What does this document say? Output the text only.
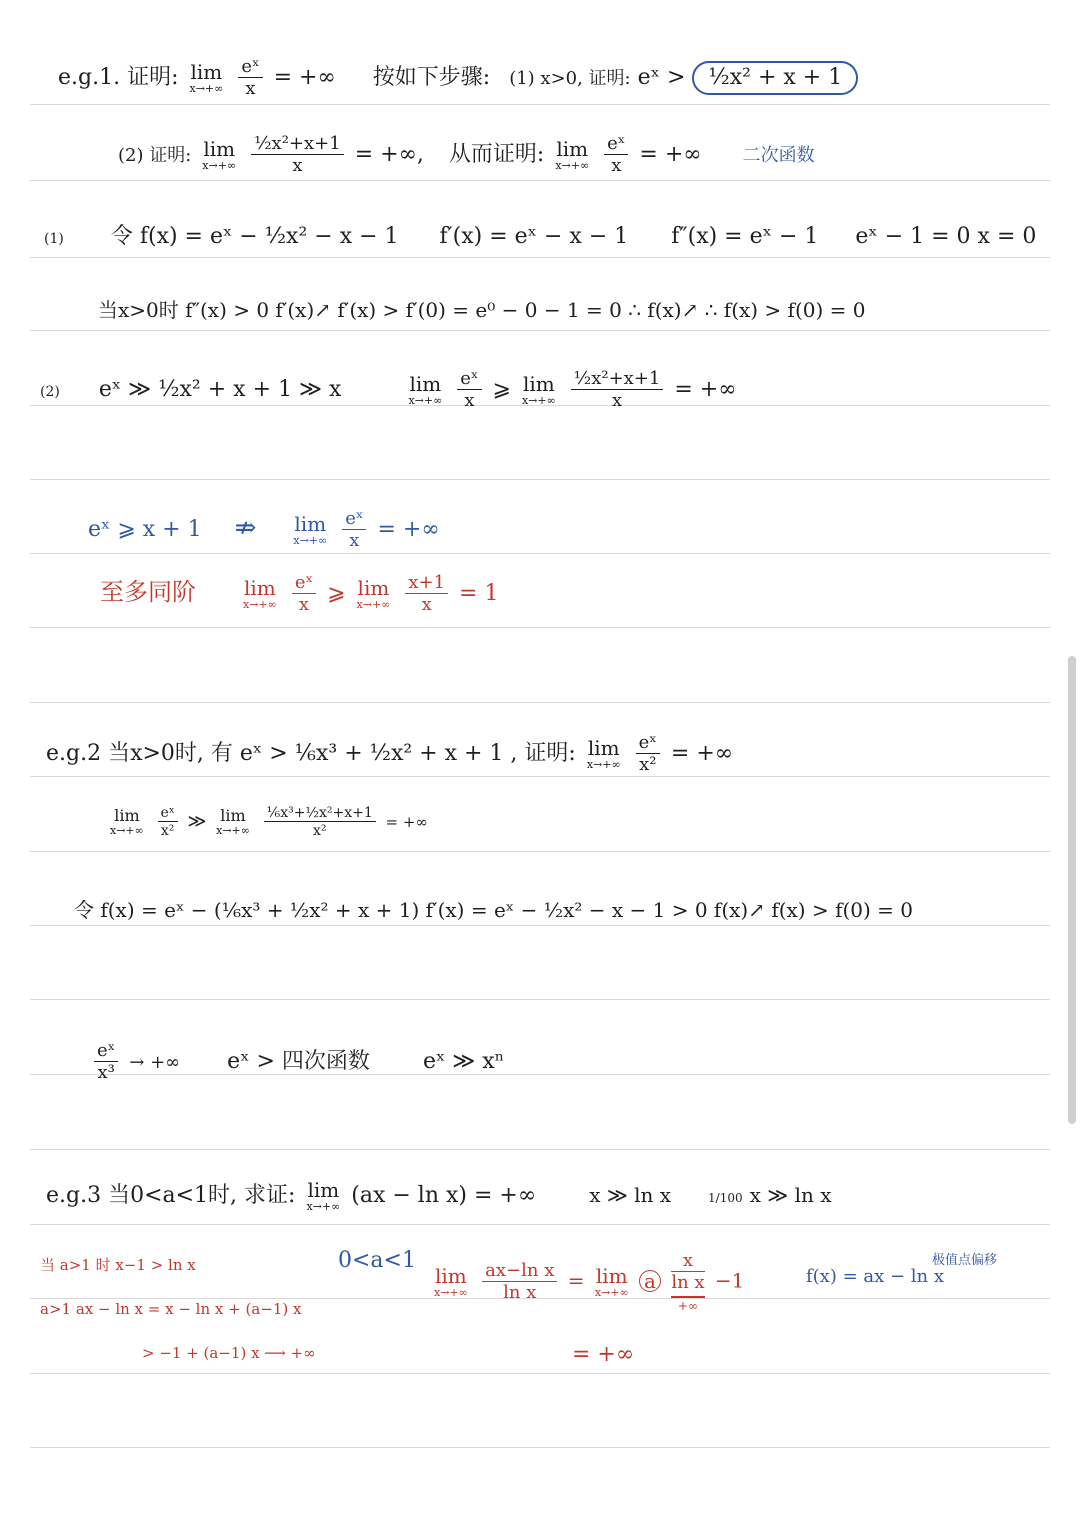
e.g.1. 证明: lim
x→+∞
$\frac{\text{eˣ}}{x}$ = +∞ 按如下步骤: (1) x>0, 证明: eˣ > ½x² + x + 1
(2) 证明: lim
x→+∞
$\frac{\text{½x²+x+1}}{x}$ = +∞, 从而证明: lim
x→+∞
$\frac{\text{eˣ}}{x}$ = +∞ 二次函数
(1) 令 f(x) = eˣ − ½x² − x − 1 f′(x) = eˣ − x − 1 f″(x) = eˣ − 1 eˣ − 1 = 0 x = 0
当x>0时 f″(x) > 0 f′(x)↗ f′(x) > f′(0) = e⁰ − 0 − 1 = 0 ∴ f(x)↗ ∴ f(x) > f(0) = 0
(2) eˣ ≫ ½x² + x + 1 ≫ x	lim
x→+∞
$\frac{\text{eˣ}}{x}$ ⩾ lim
x→+∞
$\frac{\text{½x²+x+1}}{x}$ = +∞
eˣ ⩾ x + 1 ⇏ lim
x→+∞
$\frac{\text{eˣ}}{x}$ = +∞
至多同阶 lim
x→+∞
$\frac{\text{eˣ}}{x}$ ⩾ lim
x→+∞
$\frac{x+1}{x} = 1$
e.g.2 当x>0时, 有 eˣ > ⅙x³ + ½x² + x + 1 , 证明: lim
x→+∞
$\frac{\text{eˣ}}{\text{x²}}$ = +∞
lim
x→+∞
$\frac{\text{eˣ}}{\text{x²}}$ ≫ lim
x→+∞
$\frac{\text{⅙x³+½x²+x+1}}{\text{x²}}$ = +∞
令 f(x) = eˣ − (⅙x³ + ½x² + x + 1) f′(x) = eˣ − ½x² − x − 1 > 0 f(x)↗ f(x) > f(0) = 0
$\frac{\text{eˣ}}{\text{x³}}$ → +∞ eˣ > 四次函数 eˣ ≫ xⁿ
e.g.3 当0<a<1时, 求证: lim
x→+∞ (ax − ln x) = +∞	x ≫ ln x	1/100 x ≫ ln x
当 a>1 时 x−1 > ln x
a>1 ax − ln x = x − ln x + (a−1) x
> −1 + (a−1) x ⟶ +∞
0<a<1
lim
x→+∞
$\frac{\text{ax−ln x}}{\text{ln x}} = \lim$
x→+∞ a
x
ln x
+∞
−1
= +∞
f(x) = ax − ln x
极值点偏移
